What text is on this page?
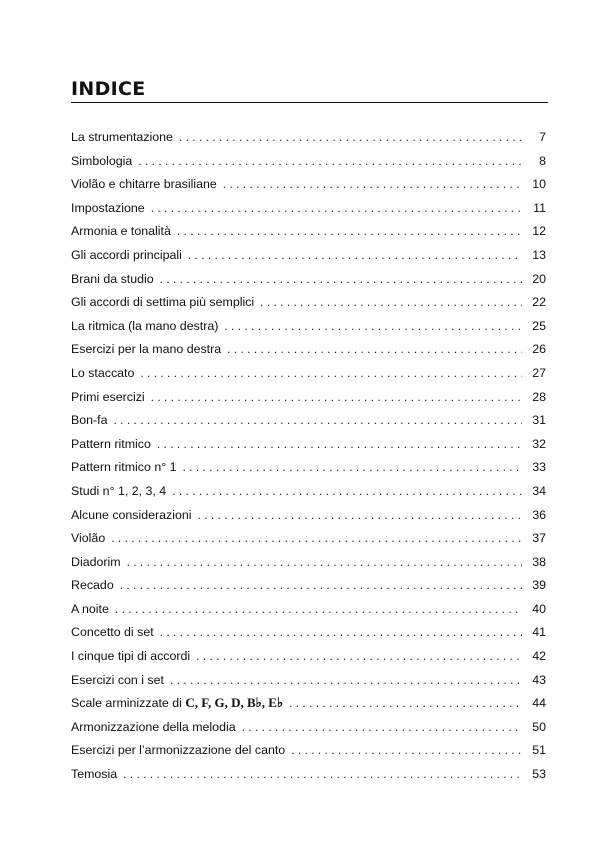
INDICE
La strumentazione . . .	7
Simbologia . . .	8
Violão e chitarre brasiliane . . .	10
Impostazione . . .	11
Armonia e tonalità . . .	12
Gli accordi principali . . .	13
Brani da studio . . .	20
Gli accordi di settima più semplici . . .	22
La ritmica (la mano destra) . . .	25
Esercizi per la mano destra . . .	26
Lo staccato . . .	27
Primi esercizi . . .	28
Bon-fa . . .	31
Pattern ritmico . . .	32
Pattern ritmico n° 1 . . .	33
Studi n° 1, 2, 3, 4 . . .	34
Alcune considerazioni . . .	36
Violão . . .	37
Diadorim . . .	38
Recado . . .	39
A noite . . .	40
Concetto di set . . .	41
I cinque tipi di accordi . . .	42
Esercizi con i set . . .	43
Scale arminizzate di C, F, G, D, B♭, E♭ . . .	44
Armonizzazione della melodia . . .	50
Esercizi per l’armonizzazione del canto . . .	51
Temosia . . .	53
